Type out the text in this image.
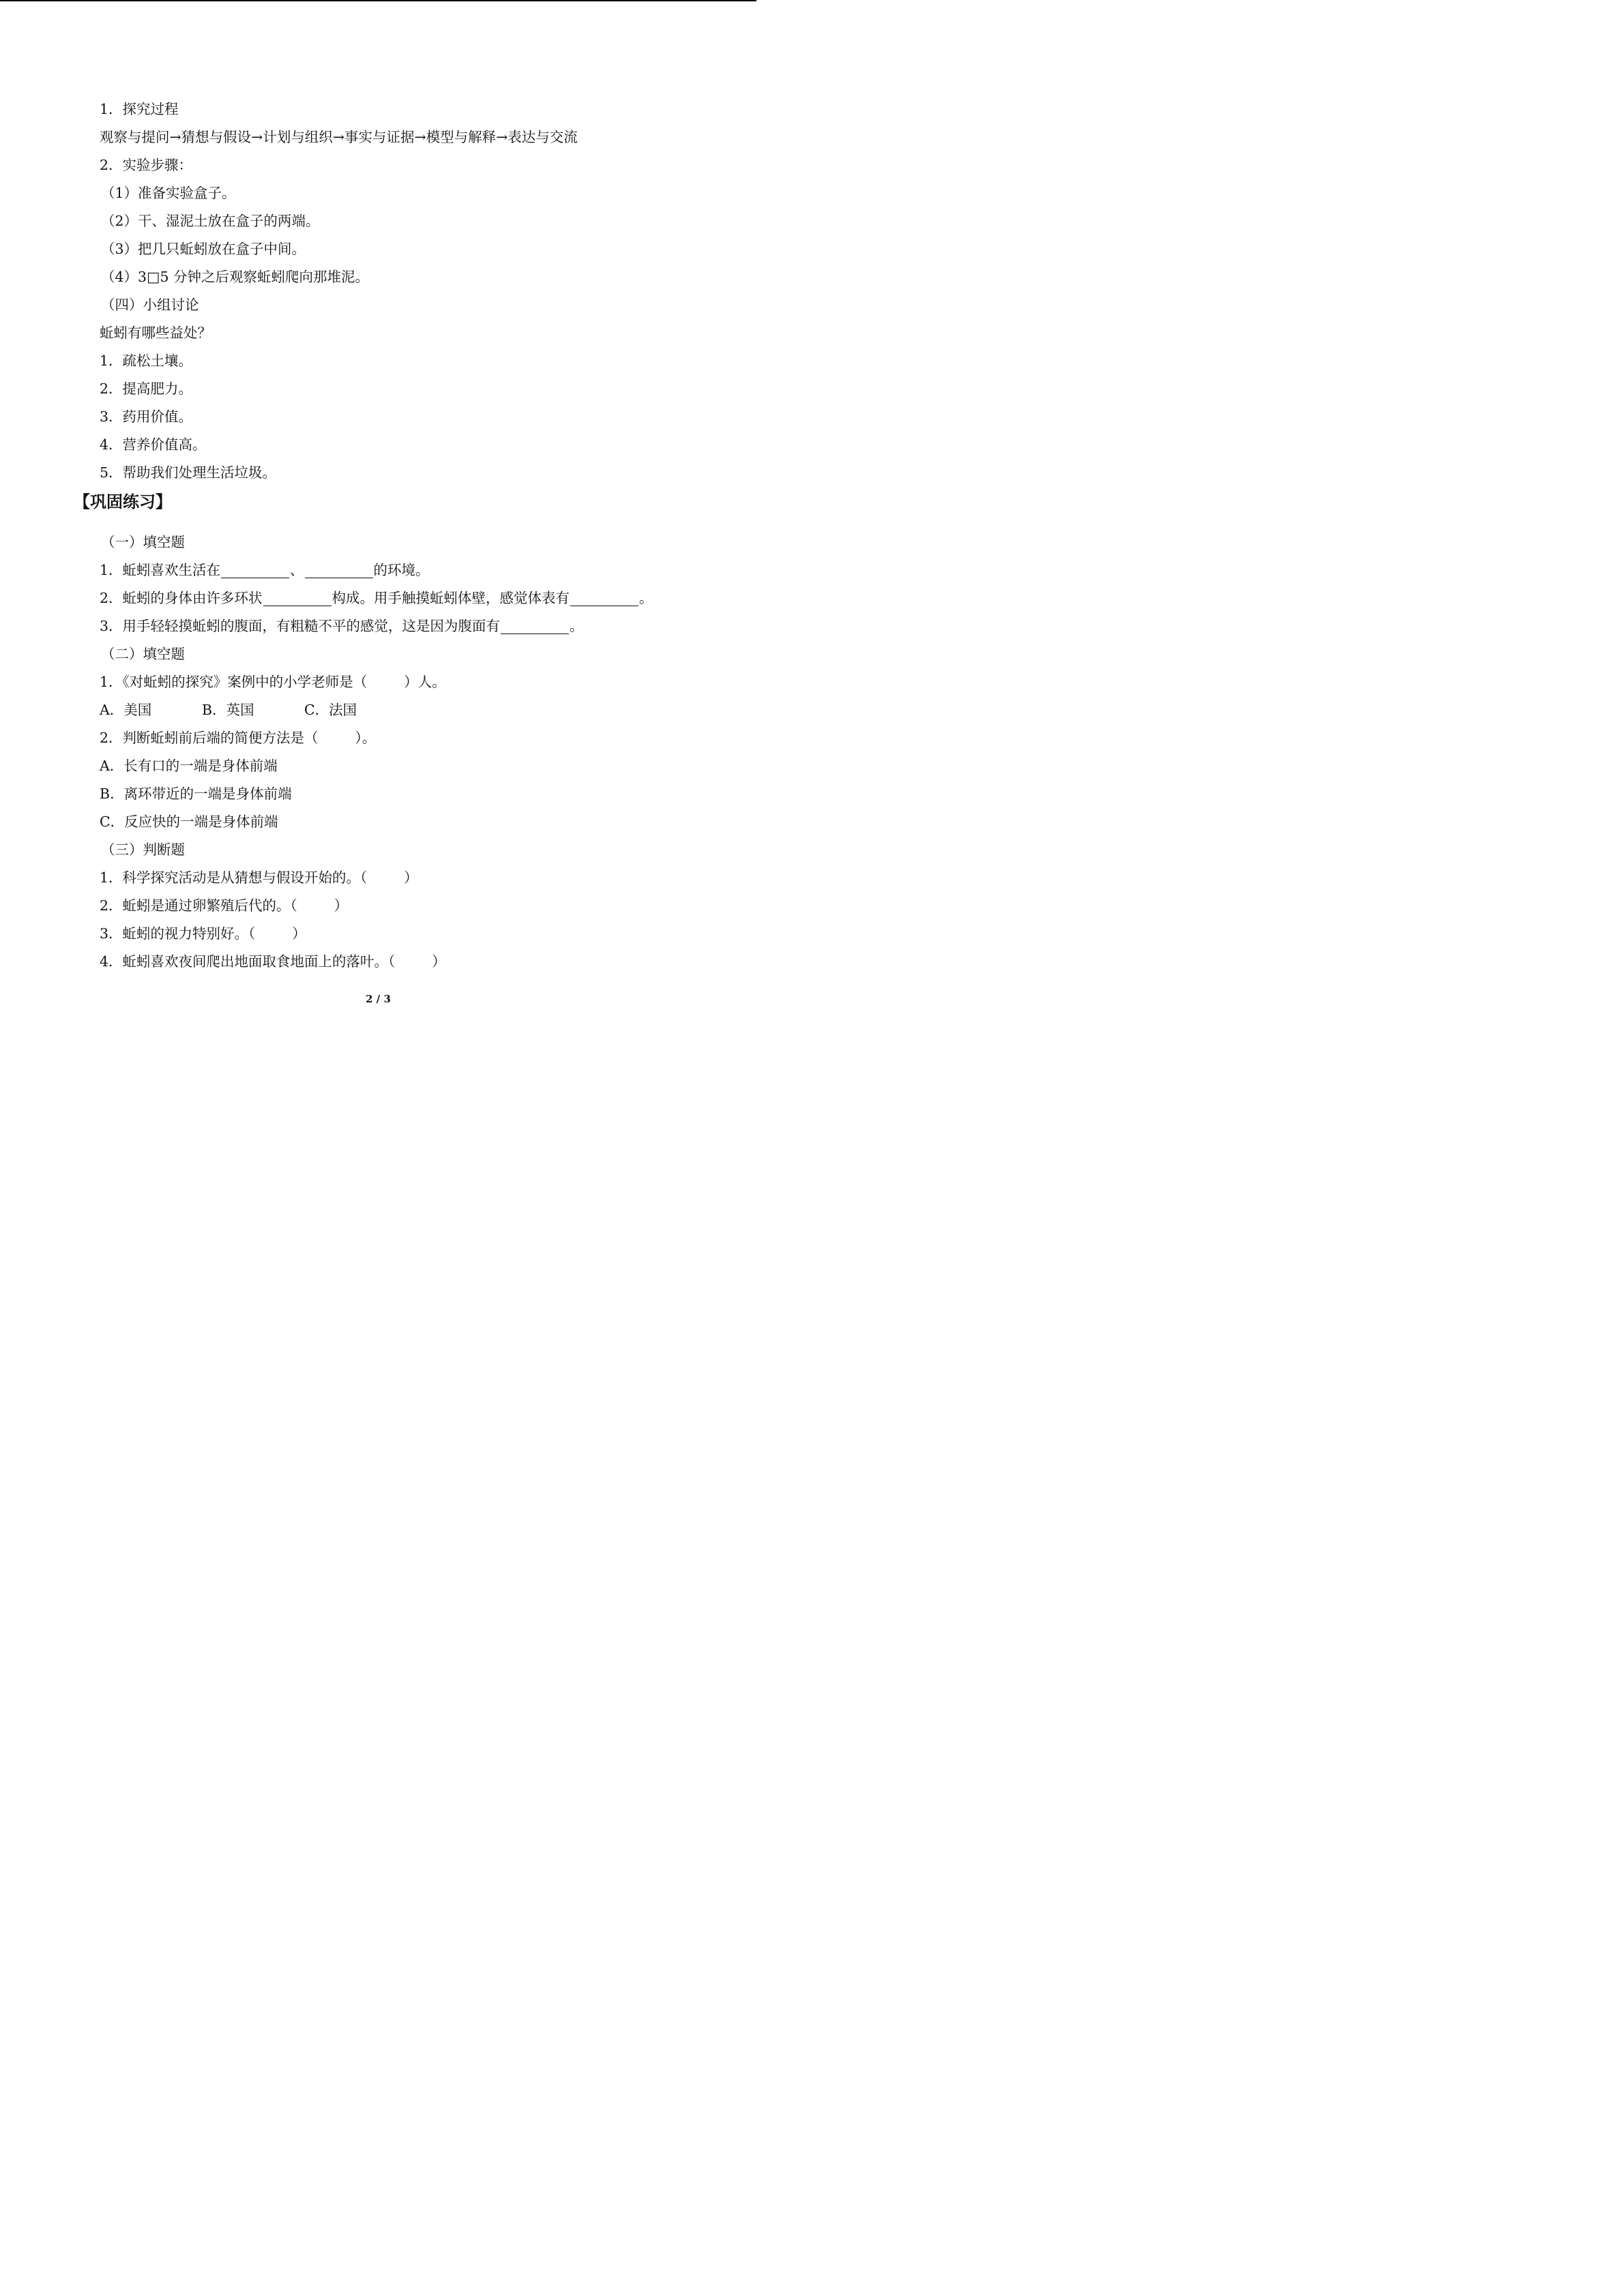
1．探究过程
观察与提问→猜想与假设→计划与组织→事实与证据→模型与解释→表达与交流
2．实验步骤：
（1）准备实验盒子。
（2）干、湿泥土放在盒子的两端。
（3）把几只蚯蚓放在盒子中间。
（4）3□5 分钟之后观察蚯蚓爬向那堆泥。
（四）小组讨论
蚯蚓有哪些益处？
1．疏松土壤。
2．提高肥力。
3．药用价值。
4．营养价值高。
5．帮助我们处理生活垃圾。
【巩固练习】
（一）填空题
1．蚯蚓喜欢生活在	、	的环境。
2．蚯蚓的身体由许多环状	构成。用手触摸蚯蚓体壁，感觉体表有	。
3．用手轻轻摸蚯蚓的腹面，有粗糙不平的感觉，这是因为腹面有	。
（二）填空题
1．《对蚯蚓的探究》案例中的小学老师是（	）人。
A．美国	B．英国	C．法国
2．判断蚯蚓前后端的简便方法是（	）。
A．长有口的一端是身体前端
B．离环带近的一端是身体前端
C．反应快的一端是身体前端
（三）判断题
1．科学探究活动是从猜想与假设开始的。（	）
2．蚯蚓是通过卵繁殖后代的。（	）
3．蚯蚓的视力特别好。（	）
4．蚯蚓喜欢夜间爬出地面取食地面上的落叶。（	）
2 / 3
